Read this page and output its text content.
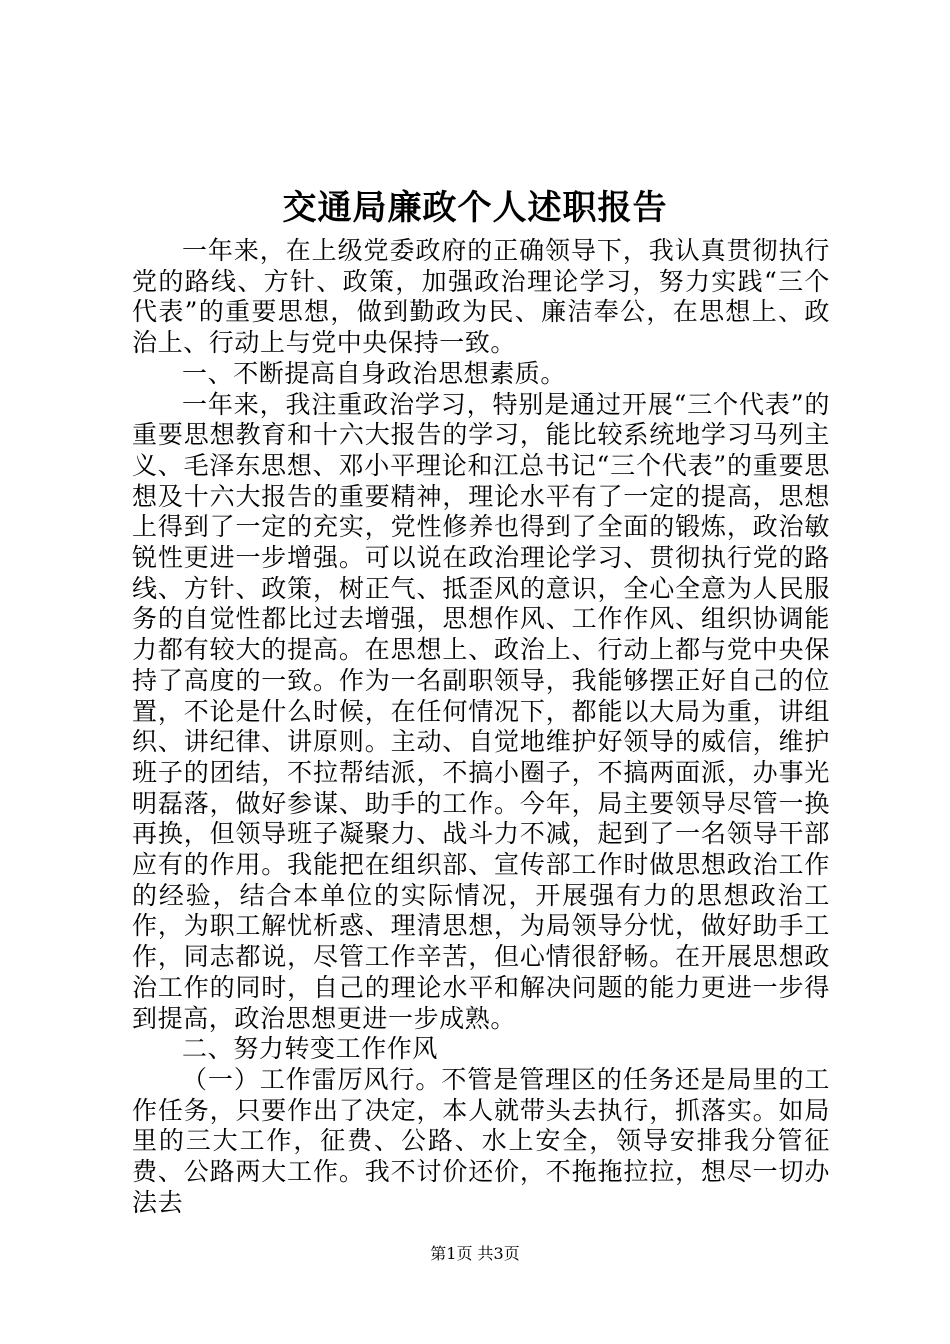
交通局廉政个人述职报告

一年来，在上级党委政府的正确领导下，我认真贯彻执行党的路线、方针、政策，加强政治理论学习，努力实践“三个代表”的重要思想，做到勤政为民、廉洁奉公，在思想上、政治上、行动上与党中央保持一致。

一、不断提高自身政治思想素质。

一年来，我注重政治学习，特别是通过开展“三个代表”的重要思想教育和十六大报告的学习，能比较系统地学习马列主义、毛泽东思想、邓小平理论和江总书记“三个代表”的重要思想及十六大报告的重要精神，理论水平有了一定的提高，思想上得到了一定的充实，党性修养也得到了全面的锻炼，政治敏锐性更进一步增强。可以说在政治理论学习、贯彻执行党的路线、方针、政策，树正气、抵歪风的意识，全心全意为人民服务的自觉性都比过去增强，思想作风、工作作风、组织协调能力都有较大的提高。在思想上、政治上、行动上都与党中央保持了高度的一致。作为一名副职领导，我能够摆正好自己的位置，不论是什么时候，在任何情况下，都能以大局为重，讲组织、讲纪律、讲原则。主动、自觉地维护好领导的威信，维护班子的团结，不拉帮结派，不搞小圈子，不搞两面派，办事光明磊落，做好参谋、助手的工作。今年，局主要领导尽管一换再换，但领导班子凝聚力、战斗力不减，起到了一名领导干部应有的作用。我能把在组织部、宣传部工作时做思想政治工作的经验，结合本单位的实际情况，开展强有力的思想政治工作，为职工解忧析惑、理清思想，为局领导分忧，做好助手工作，同志都说，尽管工作辛苦，但心情很舒畅。在开展思想政治工作的同时，自己的理论水平和解决问题的能力更进一步得到提高，政治思想更进一步成熟。

二、努力转变工作作风

（一）工作雷厉风行。不管是管理区的任务还是局里的工作任务，只要作出了决定，本人就带头去执行，抓落实。如局里的三大工作，征费、公路、水上安全，领导安排我分管征费、公路两大工作。我不讨价还价，不拖拖拉拉，想尽一切办法去

第1页 共3页
